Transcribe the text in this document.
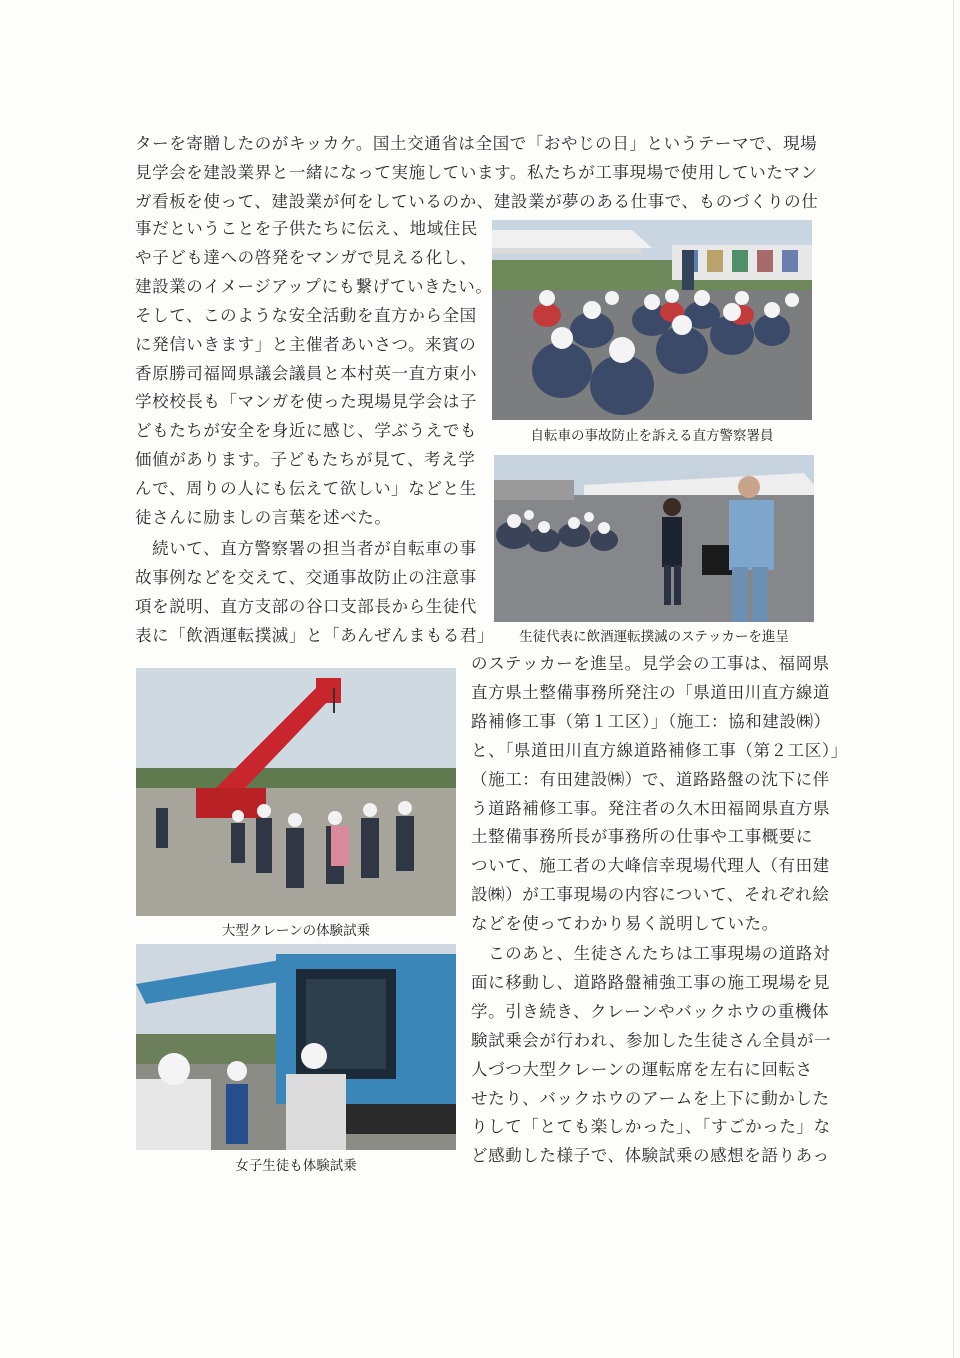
ターを寄贈したのがキッカケ。国土交通省は全国で「おやじの日」というテーマで、現場
見学会を建設業界と一緒になって実施しています。私たちが工事現場で使用していたマン
ガ看板を使って、建設業が何をしているのか、建設業が夢のある仕事で、ものづくりの仕

事だということを子供たちに伝え、地域住民
や子ども達への啓発をマンガで見える化し、
建設業のイメージアップにも繋げていきたい。
そして、このような安全活動を直方から全国
に発信いきます」と主催者あいさつ。来賓の
香原勝司福岡県議会議員と本村英一直方東小
学校校長も「マンガを使った現場見学会は子
どもたちが安全を身近に感じ、学ぶうえでも
価値があります。子どもたちが見て、考え学
んで、周りの人にも伝えて欲しい」などと生
徒さんに励ましの言葉を述べた。

　続いて、直方警察署の担当者が自転車の事
故事例などを交えて、交通事故防止の注意事
項を説明、直方支部の谷口支部長から生徒代
表に「飲酒運転撲滅」と「あんぜんまもる君」

のステッカーを進呈。見学会の工事は、福岡県
直方県土整備事務所発注の「県道田川直方線道
路補修工事（第１工区）」（施工：協和建設㈱）
と、「県道田川直方線道路補修工事（第２工区）」
（施工：有田建設㈱）で、道路路盤の沈下に伴
う道路補修工事。発注者の久木田福岡県直方県
土整備事務所長が事務所の仕事や工事概要に
ついて、施工者の大峰信幸現場代理人（有田建
設㈱）が工事現場の内容について、それぞれ絵
などを使ってわかり易く説明していた。

　このあと、生徒さんたちは工事現場の道路対
面に移動し、道路路盤補強工事の施工現場を見
学。引き続き、クレーンやバックホウの重機体
験試乗会が行われ、参加した生徒さん全員が一
人づつ大型クレーンの運転席を左右に回転さ
せたり、バックホウのアームを上下に動かした
りして「とても楽しかった」、「すごかった」な
ど感動した様子で、体験試乗の感想を語りあっ

自転車の事故防止を訴える直方警察署員

生徒代表に飲酒運転撲滅のステッカーを進呈

大型クレーンの体験試乗

女子生徒も体験試乗
